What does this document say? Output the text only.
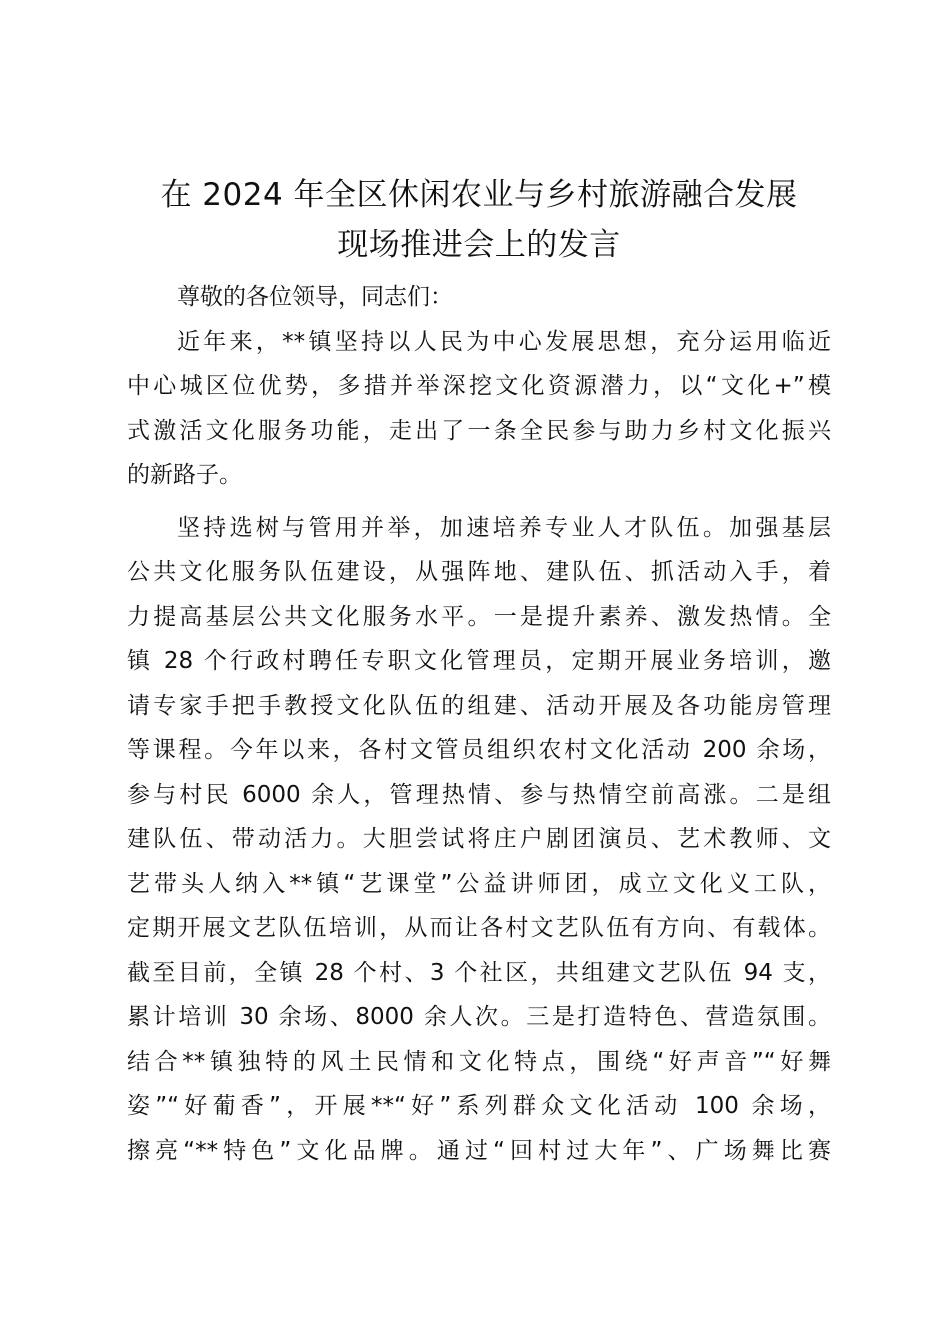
在 2024 年全区休闲农业与乡村旅游融合发展
现场推进会上的发言

尊敬的各位领导，同志们：

近年来，**镇坚持以人民为中心发展思想，充分运用临近
中心城区位优势，多措并举深挖文化资源潜力，以“文化+”模
式激活文化服务功能，走出了一条全民参与助力乡村文化振兴
的新路子。
坚持选树与管用并举，加速培养专业人才队伍。加强基层
公共文化服务队伍建设，从强阵地、建队伍、抓活动入手，着
力提高基层公共文化服务水平。一是提升素养、激发热情。全
镇 28 个行政村聘任专职文化管理员，定期开展业务培训，邀
请专家手把手教授文化队伍的组建、活动开展及各功能房管理
等课程。今年以来，各村文管员组织农村文化活动 200 余场，
参与村民 6000 余人，管理热情、参与热情空前高涨。二是组
建队伍、带动活力。大胆尝试将庄户剧团演员、艺术教师、文
艺带头人纳入**镇“艺课堂”公益讲师团，成立文化义工队，
定期开展文艺队伍培训，从而让各村文艺队伍有方向、有载体。
截至目前，全镇 28 个村、3 个社区，共组建文艺队伍 94 支，
累计培训 30 余场、8000 余人次。三是打造特色、营造氛围。
结合**镇独特的风土民情和文化特点，围绕“好声音”“好舞
姿”“好葡香”，开展**“好”系列群众文化活动 100 余场，
擦亮“**特色”文化品牌。通过“回村过大年”、广场舞比赛
